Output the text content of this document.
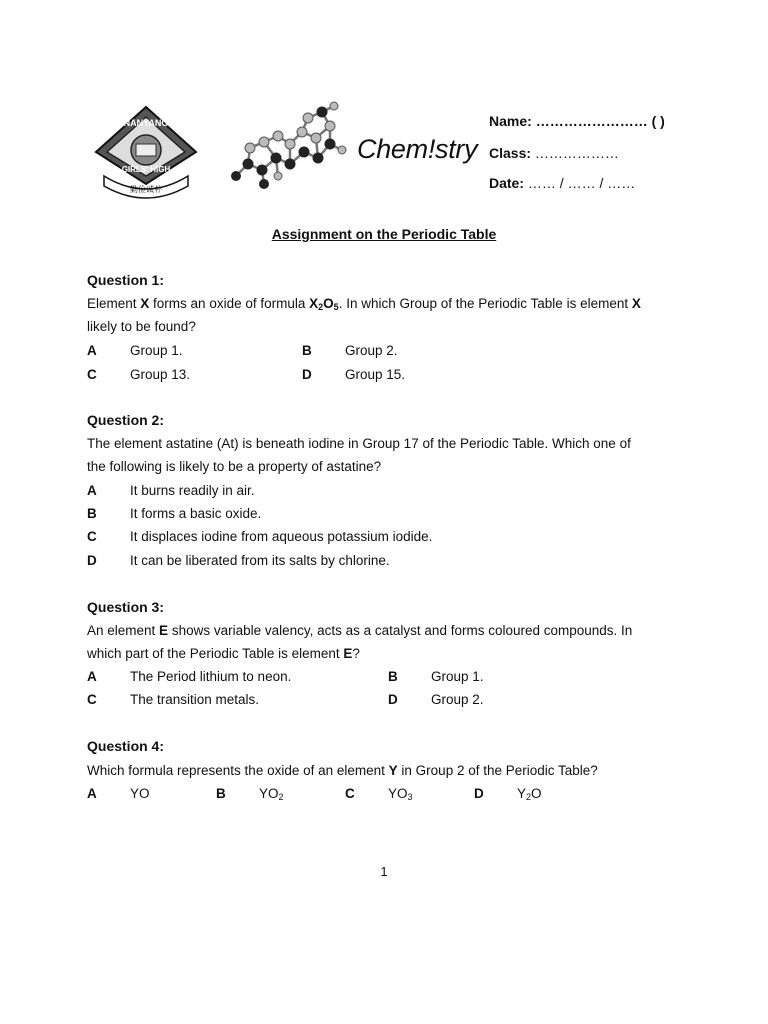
NANYANG
GIRLS' HIGH
勤俭诚朴
Chem!stry
Name: …………………… ( )
Class: ………………
Date: …… / …… / ……
Assignment on the Periodic Table
Question 1:
Element X forms an oxide of formula $X_2O_5$. In which Group of the Periodic Table is element X
likely to be found?
A Group 1.	B Group 2.
C Group 13.	D Group 15.
Question 2:
The element astatine (At) is beneath iodine in Group 17 of the Periodic Table. Which one of
the following is likely to be a property of astatine?
A It burns readily in air.
B It forms a basic oxide.
C It displaces iodine from aqueous potassium iodide.
D It can be liberated from its salts by chlorine.
Question 3:
An element E shows variable valency, acts as a catalyst and forms coloured compounds. In
which part of the Periodic Table is element E?
A The Period lithium to neon.	B Group 1.
C The transition metals.	D Group 2.
Question 4:
Which formula represents the oxide of an element Y in Group 2 of the Periodic Table?
A YO	B $YO_2$	C $YO_3$	D $Y_2O$
1
